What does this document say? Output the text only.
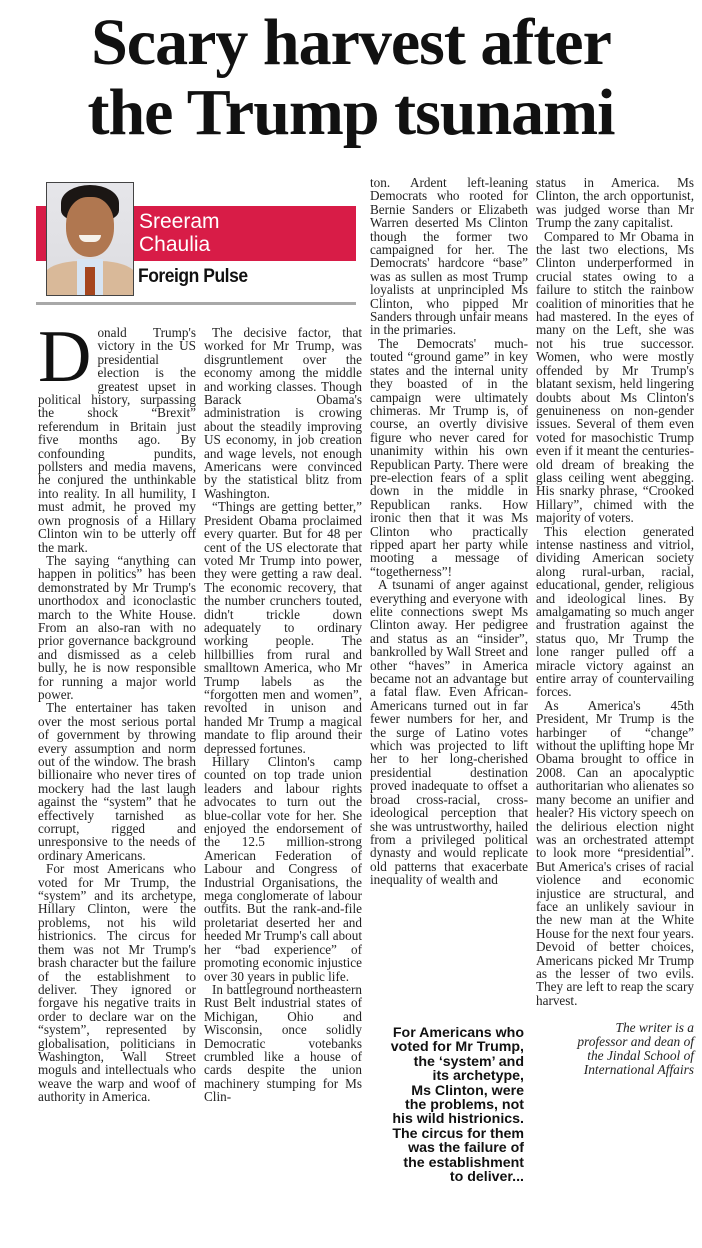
Scary harvest after
the Trump tsunami
Sreeram
Chaulia
Foreign Pulse

Donald Trump's victory in the US presidential election is the greatest upset in political history, surpassing the shock “Brexit” referendum in Britain just five months ago. By confounding pundits, pollsters and media mavens, he conjured the unthinkable into reality. In all humility, I must admit, he proved my own prognosis of a Hillary Clinton win to be utterly off the mark.

The saying “anything can happen in politics” has been demonstrated by Mr Trump's unorthodox and iconoclastic march to the White House. From an also-ran with no prior governance background and dismissed as a celeb bully, he is now responsible for running a major world power.

The entertainer has taken over the most serious portal of government by throwing every assumption and norm out of the window. The brash billionaire who never tires of mockery had the last laugh against the “system” that he effectively tarnished as corrupt, rigged and unresponsive to the needs of ordinary Americans.

For most Americans who voted for Mr Trump, the “system” and its archetype, Hillary Clinton, were the problems, not his wild histrionics. The circus for them was not Mr Trump's brash character but the failure of the establishment to deliver. They ignored or forgave his negative traits in order to declare war on the “system”, represented by globalisation, politicians in Washington, Wall Street moguls and intellectuals who weave the warp and woof of authority in America.

The decisive factor, that worked for Mr Trump, was disgruntlement over the economy among the middle and working classes. Though Barack Obama's administration is crowing about the steadily improving US economy, in job creation and wage levels, not enough Americans were convinced by the statistical blitz from Washington.

“Things are getting better,” President Obama proclaimed every quarter. But for 48 per cent of the US electorate that voted Mr Trump into power, they were getting a raw deal. The economic recovery, that the number crunchers touted, didn't trickle down adequately to ordinary working people. The hillbillies from rural and smalltown America, who Mr Trump labels as the “forgotten men and women”, revolted in unison and handed Mr Trump a magical mandate to flip around their depressed fortunes.

Hillary Clinton's camp counted on top trade union leaders and labour rights advocates to turn out the blue-collar vote for her. She enjoyed the endorsement of the 12.5 million-strong American Federation of Labour and Congress of Industrial Organisations, the mega conglomerate of labour outfits. But the rank-and-file proletariat deserted her and heeded Mr Trump's call about her “bad experience” of promoting economic injustice over 30 years in public life.

In battleground northeastern Rust Belt industrial states of Michigan, Ohio and Wisconsin, once solidly Democratic votebanks crumbled like a house of cards despite the union machinery stumping for Ms Clin-

ton. Ardent left-leaning Democrats who rooted for Bernie Sanders or Elizabeth Warren deserted Ms Clinton though the former two campaigned for her. The Democrats' hardcore “base” was as sullen as most Trump loyalists at unprincipled Ms Clinton, who pipped Mr Sanders through unfair means in the primaries.

The Democrats' much-touted “ground game” in key states and the internal unity they boasted of in the campaign were ultimately chimeras. Mr Trump is, of course, an overtly divisive figure who never cared for unanimity within his own Republican Party. There were pre-election fears of a split down in the middle in Republican ranks. How ironic then that it was Ms Clinton who practically ripped apart her party while mooting a message of “togetherness”!

A tsunami of anger against everything and everyone with elite connections swept Ms Clinton away. Her pedigree and status as an “insider”, bankrolled by Wall Street and other “haves” in America became not an advantage but a fatal flaw. Even African-Americans turned out in far fewer numbers for her, and the surge of Latino votes which was projected to lift her to her long-cherished presidential destination proved inadequate to offset a broad cross-racial, cross-ideological perception that she was untrustworthy, hailed from a privileged political dynasty and would replicate old patterns that exacerbate inequality of wealth and

For Americans who
voted for Mr Trump,
the ‘system’ and
its archetype,
Ms Clinton, were
the problems, not
his wild histrionics.
The circus for them
was the failure of
the establishment
to deliver...

status in America. Ms Clinton, the arch opportunist, was judged worse than Mr Trump the zany capitalist.

Compared to Mr Obama in the last two elections, Ms Clinton underperformed in crucial states owing to a failure to stitch the rainbow coalition of minorities that he had mastered. In the eyes of many on the Left, she was not his true successor. Women, who were mostly offended by Mr Trump's blatant sexism, held lingering doubts about Ms Clinton's genuineness on non-gender issues. Several of them even voted for masochistic Trump even if it meant the centuries-old dream of breaking the glass ceiling went abegging. His snarky phrase, “Crooked Hillary”, chimed with the majority of voters.

This election generated intense nastiness and vitriol, dividing American society along rural-urban, racial, educational, gender, religious and ideological lines. By amalgamating so much anger and frustration against the status quo, Mr Trump the lone ranger pulled off a miracle victory against an entire array of countervailing forces.

As America's 45th President, Mr Trump is the harbinger of “change” without the uplifting hope Mr Obama brought to office in 2008. Can an apocalyptic authoritarian who alienates so many become an unifier and healer? His victory speech on the delirious election night was an orchestrated attempt to look more “presidential”. But America's crises of racial violence and economic injustice are structural, and face an unlikely saviour in the new man at the White House for the next four years. Devoid of better choices, Americans picked Mr Trump as the lesser of two evils. They are left to reap the scary harvest.

The writer is a
professor and dean of
the Jindal School of
International Affairs
